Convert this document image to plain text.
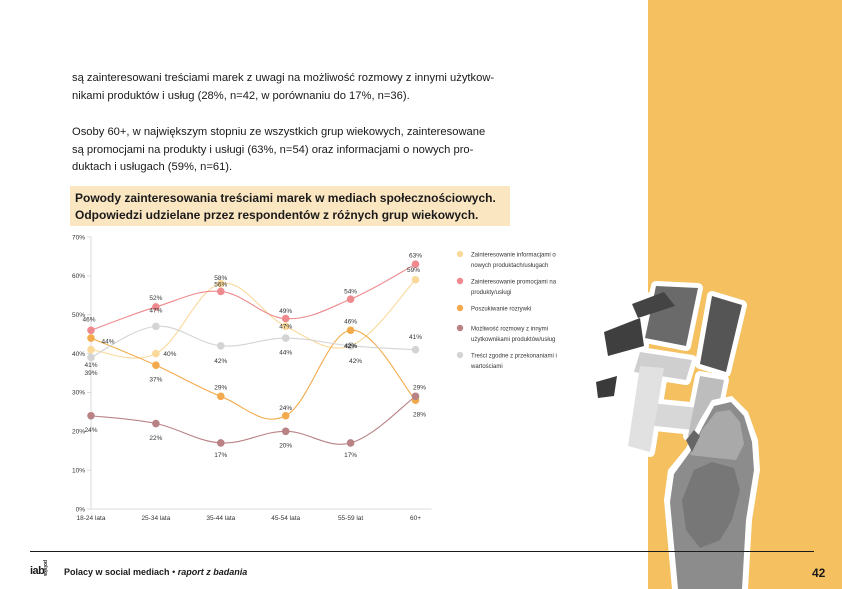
są zainteresowani treściami marek z uwagi na możliwość rozmowy z innymi użytkow-
nikami produktów i usług (28%, n=42, w porównaniu do 17%, n=36).

Osoby 60+, w największym stopniu ze wszystkich grup wiekowych, zainteresowane
są promocjami na produkty i usługi (63%, n=54) oraz informacjami o nowych pro-
duktach i usługach (59%, n=61).

Powody zainteresowania treściami marek w mediach społecznościowych.
Odpowiedzi udzielane przez respondentów z różnych grup wiekowych.
0%
10%
20%
30%
40%
50%
60%
70%
18-24 lata	25-34 lata	35-44 lata	45-54 lata	55-59 lat	60+
41%
40%
58%
47%
42%
59%
46%
52%
56%
49%
54%
63%
44%
37%
29%
24%
46%
28%
24%
22%
17%
20%
17%
29%
39%
47%
42%
44%
42%
41%
Zainteresowanie informacjami o
nowych produktach/usługach
Zainteresowanie promocjami na
produkty/usługi
Poszukiwanie rozrywki
Możliwość rozmowy z innymi
użytkownikami produktów/usług
Treści zgodne z przekonaniami i
wartościami
iab
polska Polacy w social mediach • raport z badania	42
